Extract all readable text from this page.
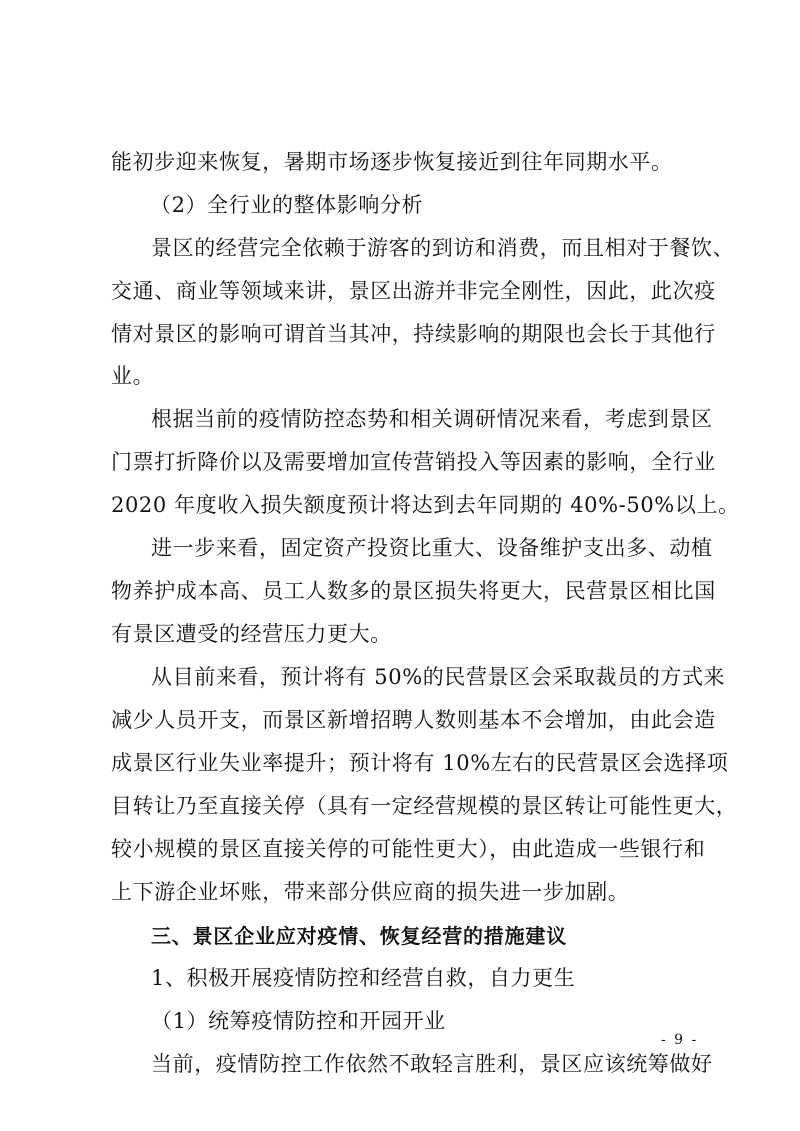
能初步迎来恢复，暑期市场逐步恢复接近到往年同期水平。
（2）全行业的整体影响分析
景区的经营完全依赖于游客的到访和消费，而且相对于餐饮、
交通、商业等领域来讲，景区出游并非完全刚性，因此，此次疫
情对景区的影响可谓首当其冲，持续影响的期限也会长于其他行
业。
根据当前的疫情防控态势和相关调研情况来看，考虑到景区
门票打折降价以及需要增加宣传营销投入等因素的影响，全行业
2020 年度收入损失额度预计将达到去年同期的 40%-50%以上。
进一步来看，固定资产投资比重大、设备维护支出多、动植
物养护成本高、员工人数多的景区损失将更大，民营景区相比国
有景区遭受的经营压力更大。
从目前来看，预计将有 50%的民营景区会采取裁员的方式来
减少人员开支，而景区新增招聘人数则基本不会增加，由此会造
成景区行业失业率提升；预计将有 10%左右的民营景区会选择项
目转让乃至直接关停（具有一定经营规模的景区转让可能性更大，
较小规模的景区直接关停的可能性更大），由此造成一些银行和
上下游企业坏账，带来部分供应商的损失进一步加剧。
三、景区企业应对疫情、恢复经营的措施建议
1、积极开展疫情防控和经营自救，自力更生
（1）统筹疫情防控和开园开业
当前，疫情防控工作依然不敢轻言胜利，景区应该统筹做好
- 9 -
